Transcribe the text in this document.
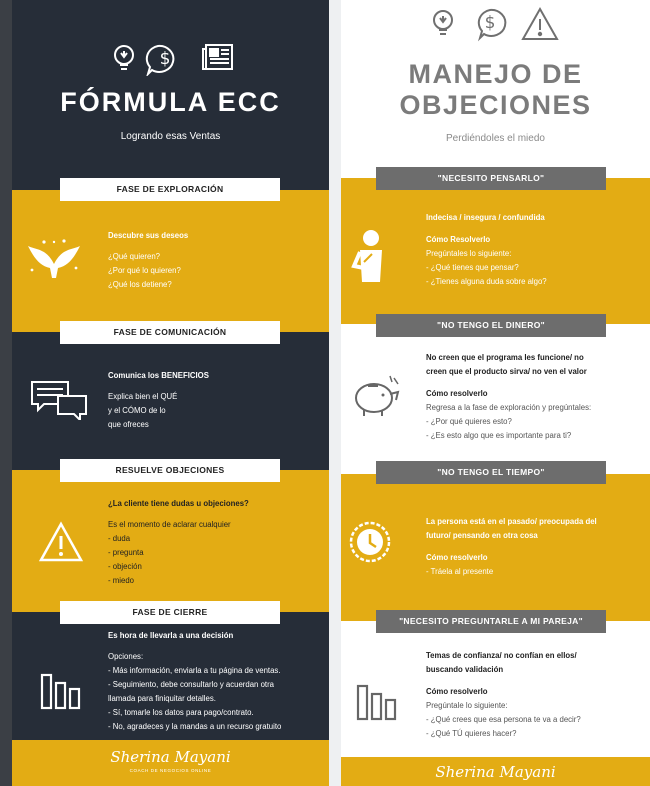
$
FÓRMULA ECC
Logrando esas Ventas
FASE DE EXPLORACIÓN
Descubre sus deseos
¿Qué quieren?
¿Por qué lo quieren?
¿Qué los detiene?
FASE DE COMUNICACIÓN
Comunica los BENEFICIOS
Explica bien el QUÉ
y el CÓMO de lo
que ofreces
RESUELVE OBJECIONES
¿La cliente tiene dudas u objeciones?
Es el momento de aclarar cualquier
- duda
- pregunta
- objeción
- miedo
FASE DE CIERRE
Es hora de llevarla a una decisión
Opciones:
- Más información, enviarla a tu página de ventas.
- Seguimiento, debe consultarlo y acuerdan otra
llamada para finiquitar detalles.
- Sí, tomarle los datos para pago/contrato.
- No, agradeces y la mandas a un recurso gratuito
Sherina Mayani
COACH DE NEGOCIOS ONLINE
$
MANEJO DE
OBJECIONES
Perdiéndoles el miedo
"NECESITO PENSARLO"
Indecisa / insegura / confundida
Cómo Resolverlo
Pregúntales lo siguiente:
- ¿Qué tienes que pensar?
- ¿Tienes alguna duda sobre algo?
"NO TENGO EL DINERO"
No creen que el programa les funcione/ no
creen que el producto sirva/ no ven el valor
Cómo resolverlo
Regresa a la fase de exploración y pregúntales:
- ¿Por qué quieres esto?
- ¿Es esto algo que es importante para ti?
"NO TENGO EL TIEMPO"
La persona está en el pasado/ preocupada del
futuro/ pensando en otra cosa
Cómo resolverlo
- Tráela al presente
"NECESITO PREGUNTARLE A MI PAREJA"
Temas de confianza/ no confían en ellos/
buscando validación
Cómo resolverlo
Pregúntale lo siguiente:
- ¿Qué crees que esa persona te va a decir?
- ¿Qué TÚ quieres hacer?
Sherina Mayani
